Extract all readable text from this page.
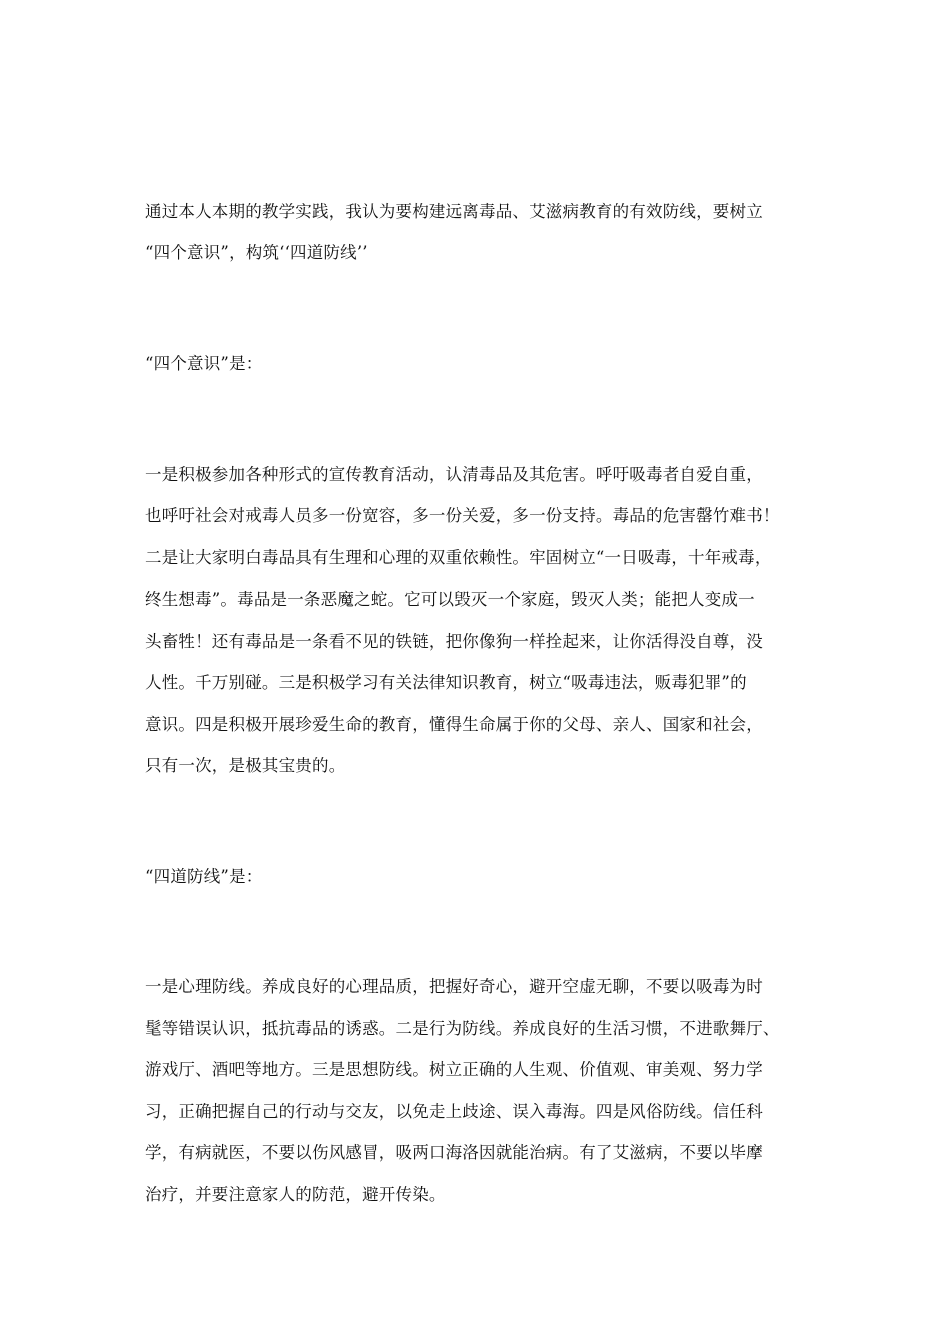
通过本人本期的教学实践，我认为要构建远离毒品、艾滋病教育的有效防线，要树立
“四个意识”，构筑‘‘四道防线’’
“四个意识”是：
一是积极参加各种形式的宣传教育活动，认清毒品及其危害。呼吁吸毒者自爱自重，
也呼吁社会对戒毒人员多一份宽容，多一份关爱，多一份支持。毒品的危害罄竹难书！
二是让大家明白毒品具有生理和心理的双重依赖性。牢固树立“一日吸毒，十年戒毒，
终生想毒”。毒品是一条恶魔之蛇。它可以毁灭一个家庭，毁灭人类；能把人变成一
头畜牲！还有毒品是一条看不见的铁链，把你像狗一样拴起来，让你活得没自尊，没
人性。千万别碰。三是积极学习有关法律知识教育，树立“吸毒违法，贩毒犯罪”的
意识。四是积极开展珍爱生命的教育，懂得生命属于你的父母、亲人、国家和社会，
只有一次，是极其宝贵的。
“四道防线”是：
一是心理防线。养成良好的心理品质，把握好奇心，避开空虚无聊，不要以吸毒为时
髦等错误认识，抵抗毒品的诱惑。二是行为防线。养成良好的生活习惯，不进歌舞厅、
游戏厅、酒吧等地方。三是思想防线。树立正确的人生观、价值观、审美观、努力学
习，正确把握自己的行动与交友，以免走上歧途、误入毒海。四是风俗防线。信任科
学，有病就医，不要以伤风感冒，吸两口海洛因就能治病。有了艾滋病，不要以毕摩
治疗，并要注意家人的防范，避开传染。
